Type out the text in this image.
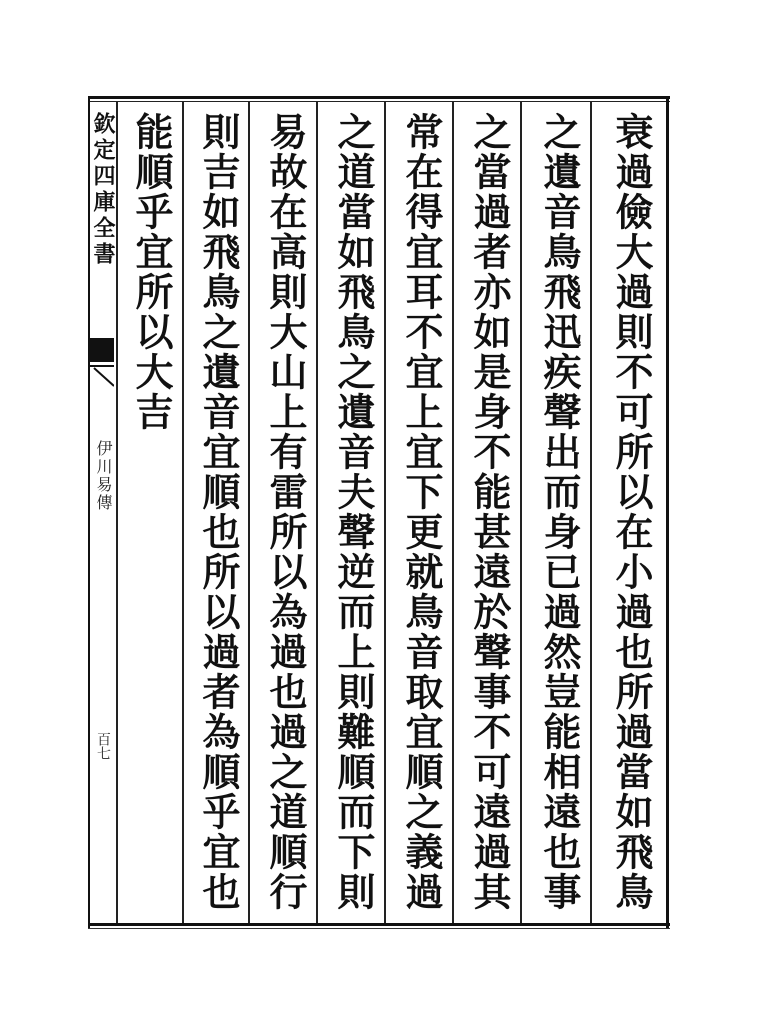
欽定四庫全書
伊川易傳
百七	衰過儉大過則不可所以在小過也所過當如飛鳥
之遺音鳥飛迅疾聲出而身已過然豈能相遠也事
之當過者亦如是身不能甚遠於聲事不可遠過其
常在得宜耳不宜上宜下更就鳥音取宜順之義過
之道當如飛鳥之遺音夫聲逆而上則難順而下則
易故在高則大山上有雷所以為過也過之道順行
則吉如飛鳥之遺音宜順也所以過者為順乎宜也
能順乎宜所以大吉
